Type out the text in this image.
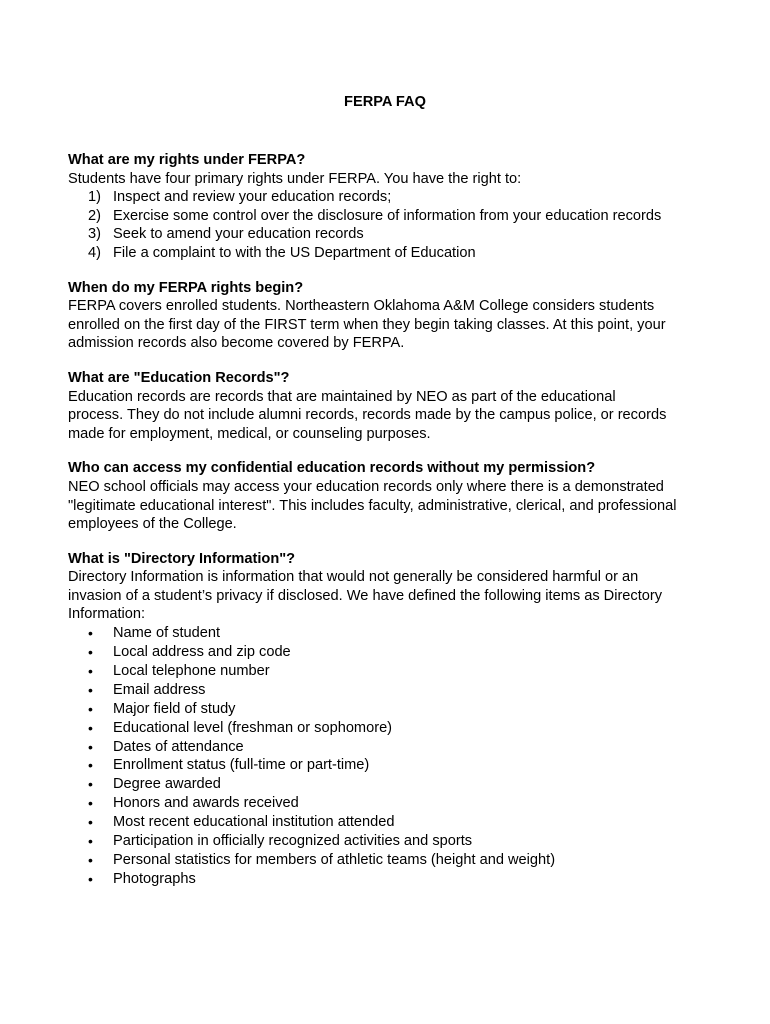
FERPA FAQ

What are my rights under FERPA?

Students have four primary rights under FERPA. You have the right to:

1) Inspect and review your education records;
2) Exercise some control over the disclosure of information from your education records
3) Seek to amend your education records
4) File a complaint to with the US Department of Education

When do my FERPA rights begin?

FERPA covers enrolled students. Northeastern Oklahoma A&M College considers students

enrolled on the first day of the FIRST term when they begin taking classes. At this point, your

admission records also become covered by FERPA.

What are "Education Records"?

Education records are records that are maintained by NEO as part of the educational

process. They do not include alumni records, records made by the campus police, or records

made for employment, medical, or counseling purposes.

Who can access my confidential education records without my permission?

NEO school officials may access your education records only where there is a demonstrated

"legitimate educational interest". This includes faculty, administrative, clerical, and professional

employees of the College.

What is "Directory Information"?

Directory Information is information that would not generally be considered harmful or an

invasion of a student’s privacy if disclosed. We have defined the following items as Directory

Information:

•	Name of student
•	Local address and zip code
•	Local telephone number
•	Email address
•	Major field of study
•	Educational level (freshman or sophomore)
•	Dates of attendance
•	Enrollment status (full-time or part-time)
•	Degree awarded
•	Honors and awards received
•	Most recent educational institution attended
•	Participation in officially recognized activities and sports
•	Personal statistics for members of athletic teams (height and weight)
•	Photographs
